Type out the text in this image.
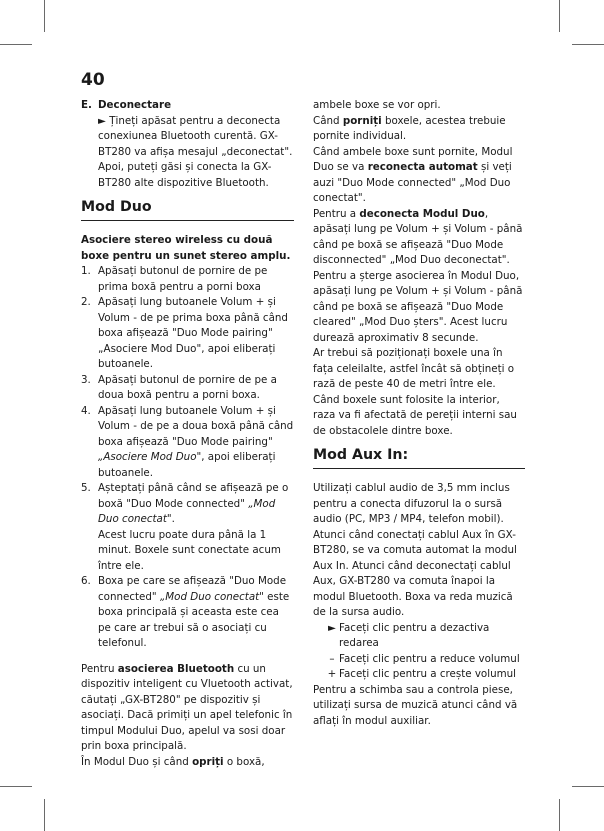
40
E. Deconectare
► Țineți apăsat pentru a deconecta conexiunea Bluetooth curentă. GX-BT280 va afișa mesajul „deconectat". Apoi, puteți găsi și conecta la GX-BT280 alte dispozitive Bluetooth.
Mod Duo
Asociere stereo wireless cu două boxe pentru un sunet stereo amplu.
1. Apăsați butonul de pornire de pe prima boxă pentru a porni boxa
2. Apăsați lung butoanele Volum + și Volum - de pe prima boxa până când boxa afișează "Duo Mode pairing" „Asociere Mod Duo", apoi eliberați butoanele.
3. Apăsați butonul de pornire de pe a doua boxă pentru a porni boxa.
4. Apăsați lung butoanele Volum + și Volum - de pe a doua boxă până când boxa afișează "Duo Mode pairing" „Asociere Mod Duo", apoi eliberați butoanele.
5. Așteptați până când se afișează pe o boxă "Duo Mode connected" „Mod Duo conectat".
Acest lucru poate dura până la 1 minut. Boxele sunt conectate acum între ele.
6. Boxa pe care se afișează "Duo Mode connected" „Mod Duo conectat" este boxa principală și aceasta este cea pe care ar trebui să o asociați cu telefonul.
Pentru asocierea Bluetooth cu un dispozitiv inteligent cu Vluetooth activat, căutați „GX-BT280" pe dispozitiv și asociați. Dacă primiți un apel telefonic în timpul Modului Duo, apelul va sosi doar prin boxa principală.
În Modul Duo și când opriți o boxă,
ambele boxe se vor opri.
Când porniți boxele, acestea trebuie pornite individual.
Când ambele boxe sunt pornite, Modul Duo se va reconecta automat și veți auzi "Duo Mode connected" „Mod Duo conectat".
Pentru a deconecta Modul Duo, apăsați lung pe Volum + și Volum - până când pe boxă se afișează "Duo Mode disconnected" „Mod Duo deconectat".
Pentru a șterge asocierea în Modul Duo, apăsați lung pe Volum + și Volum - până când pe boxă se afișează "Duo Mode cleared" „Mod Duo șters". Acest lucru durează aproximativ 8 secunde.
Ar trebui să poziționați boxele una în fața celeilalte, astfel încât să obțineți o rază de peste 40 de metri între ele. Când boxele sunt folosite la interior, raza va fi afectată de pereții interni sau de obstacolele dintre boxe.
Mod Aux In:
Utilizați cablul audio de 3,5 mm inclus pentru a conecta difuzorul la o sursă audio (PC, MP3 / MP4, telefon mobil).
Atunci când conectați cablul Aux în GX-BT280, se va comuta automat la modul Aux In. Atunci când deconectați cablul Aux, GX-BT280 va comuta înapoi la modul Bluetooth. Boxa va reda muzică de la sursa audio.
► Faceți clic pentru a dezactiva redarea
– Faceți clic pentru a reduce volumul
+ Faceți clic pentru a crește volumul
Pentru a schimba sau a controla piese, utilizați sursa de muzică atunci când vă aflați în modul auxiliar.
